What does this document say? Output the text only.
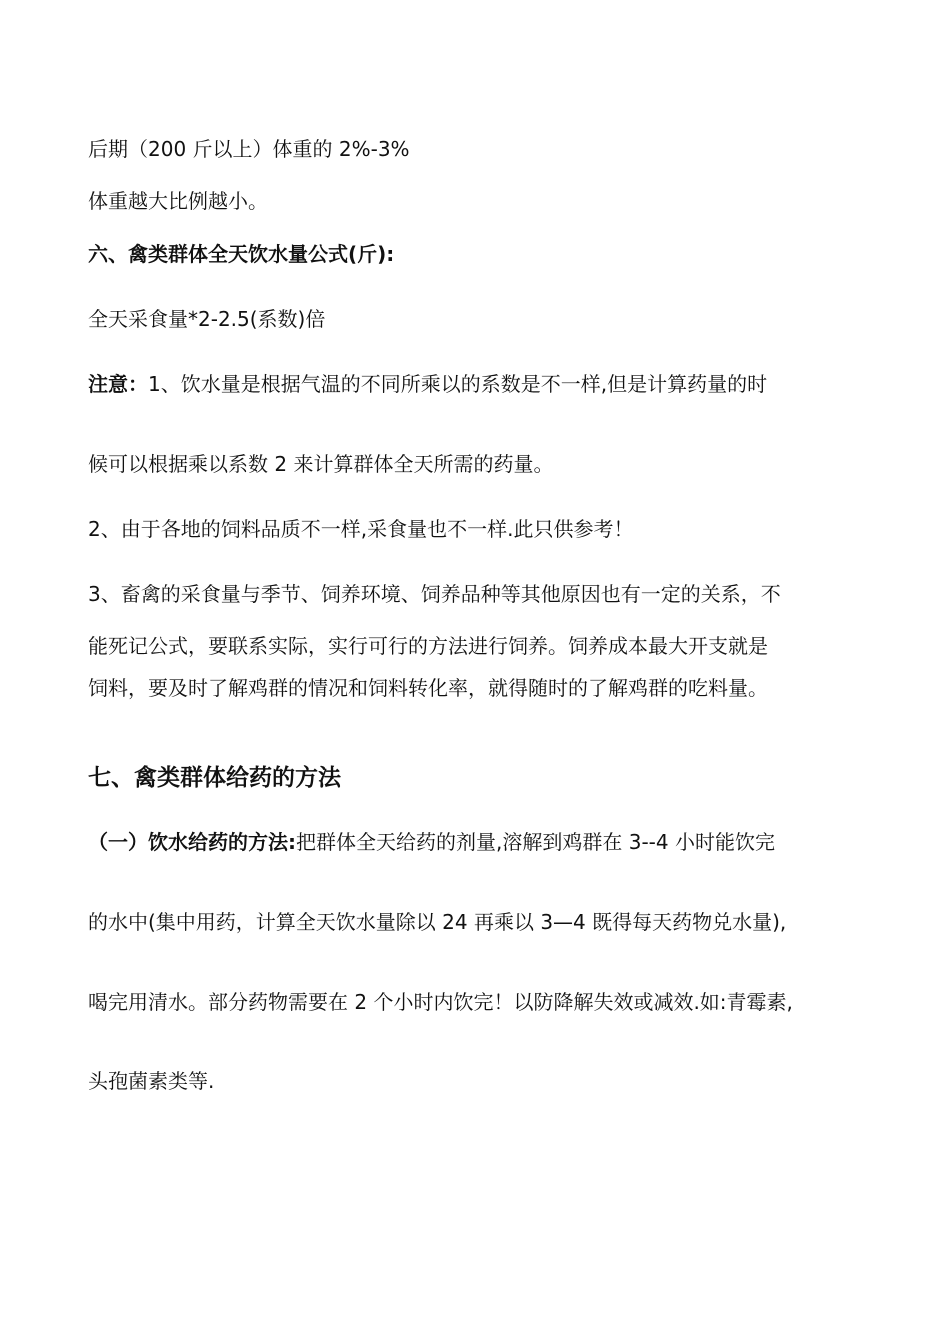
后期（200 斤以上）体重的 2%-3%
体重越大比例越小。
六、禽类群体全天饮水量公式(斤):
全天采食量*2-2.5(系数)倍
注意：1、饮水量是根据气温的不同所乘以的系数是不一样,但是计算药量的时
候可以根据乘以系数 2 来计算群体全天所需的药量。
2、由于各地的饲料品质不一样,采食量也不一样.此只供参考！
3、畜禽的采食量与季节、饲养环境、饲养品种等其他原因也有一定的关系，不
能死记公式，要联系实际，实行可行的方法进行饲养。饲养成本最大开支就是
饲料，要及时了解鸡群的情况和饲料转化率，就得随时的了解鸡群的吃料量。
七、禽类群体给药的方法
（一）饮水给药的方法:把群体全天给药的剂量,溶解到鸡群在 3--4 小时能饮完
的水中(集中用药，计算全天饮水量除以 24 再乘以 3—4 既得每天药物兑水量),
喝完用清水。部分药物需要在 2 个小时内饮完！以防降解失效或减效.如:青霉素,
头孢菌素类等.
